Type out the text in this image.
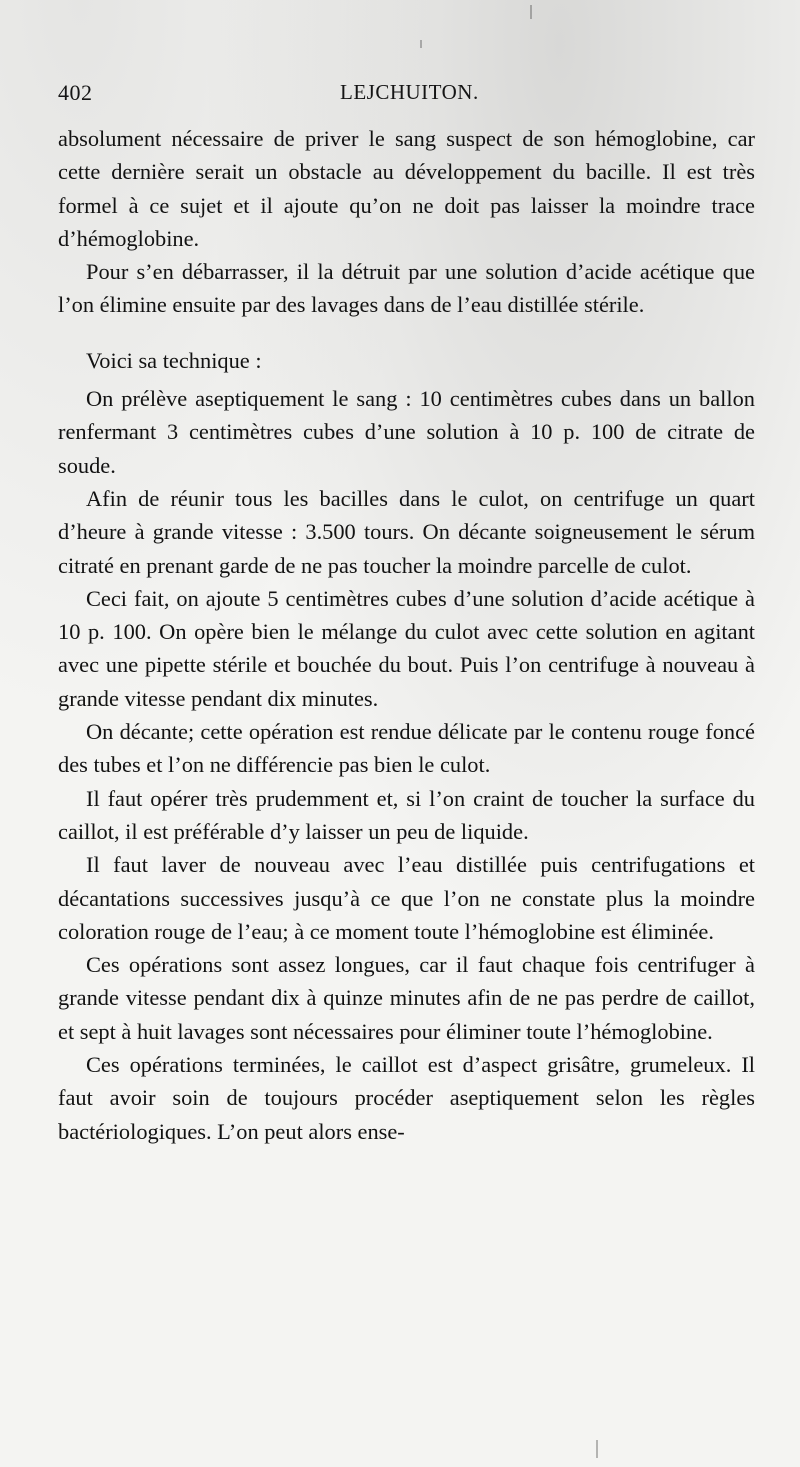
402	LEJCHUITON.

absolument nécessaire de priver le sang suspect de son hémoglobine, car cette dernière serait un obstacle au développement du bacille. Il est très formel à ce sujet et il ajoute qu’on ne doit pas laisser la moindre trace d’hémoglobine.

Pour s’en débarrasser, il la détruit par une solution d’acide acétique que l’on élimine ensuite par des lavages dans de l’eau distillée stérile.

Voici sa technique :

On prélève aseptiquement le sang : 10 centimètres cubes dans un ballon renfermant 3 centimètres cubes d’une solution à 10 p. 100 de citrate de soude.

Afin de réunir tous les bacilles dans le culot, on centrifuge un quart d’heure à grande vitesse : 3.500 tours. On décante soigneusement le sérum citraté en prenant garde de ne pas toucher la moindre parcelle de culot.

Ceci fait, on ajoute 5 centimètres cubes d’une solution d’acide acétique à 10 p. 100. On opère bien le mélange du culot avec cette solution en agitant avec une pipette stérile et bouchée du bout. Puis l’on centrifuge à nouveau à grande vitesse pendant dix minutes.

On décante; cette opération est rendue délicate par le contenu rouge foncé des tubes et l’on ne différencie pas bien le culot.

Il faut opérer très prudemment et, si l’on craint de toucher la surface du caillot, il est préférable d’y laisser un peu de liquide.

Il faut laver de nouveau avec l’eau distillée puis centrifugations et décantations successives jusqu’à ce que l’on ne constate plus la moindre coloration rouge de l’eau; à ce moment toute l’hémoglobine est éliminée.

Ces opérations sont assez longues, car il faut chaque fois centrifuger à grande vitesse pendant dix à quinze minutes afin de ne pas perdre de caillot, et sept à huit lavages sont nécessaires pour éliminer toute l’hémoglobine.

Ces opérations terminées, le caillot est d’aspect grisâtre, grumeleux. Il faut avoir soin de toujours procéder aseptiquement selon les règles bactériologiques. L’on peut alors ense-
